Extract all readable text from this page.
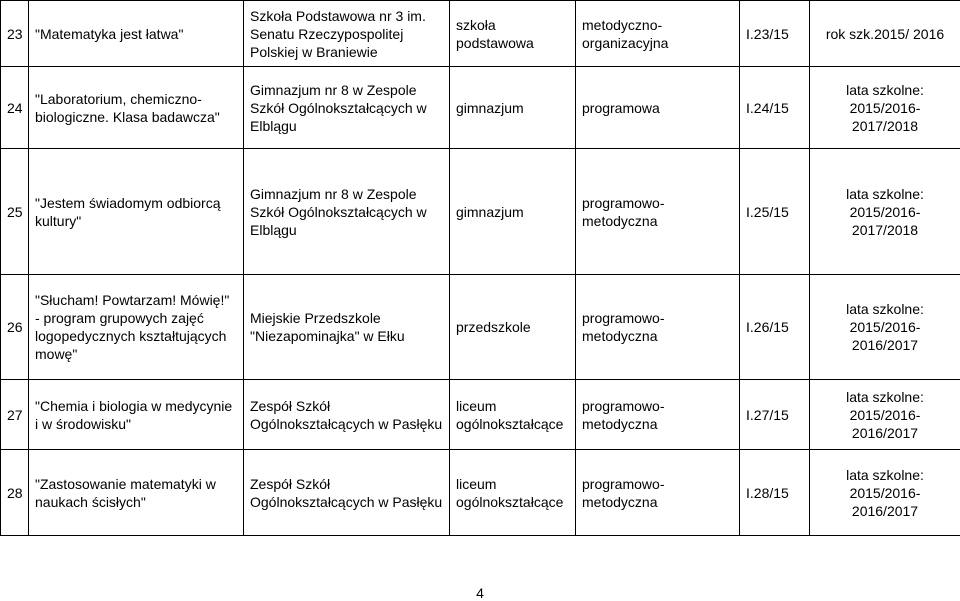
23	"Matematyka jest łatwa"	Szkoła Podstawowa nr 3 im. Senatu Rzeczypospolitej Polskiej w Braniewie	szkoła podstawowa	metodyczno-organizacyjna	I.23/15	rok szk.2015/ 2016
24	"Laboratorium, chemiczno- biologiczne. Klasa badawcza"	Gimnazjum nr 8 w Zespole Szkół Ogólnokształcących w Elblągu	gimnazjum	programowa	I.24/15	lata szkolne: 2015/2016- 2017/2018
25	"Jestem świadomym odbiorcą kultury"	Gimnazjum nr 8 w Zespole Szkół Ogólnokształcących w Elblągu	gimnazjum	programowo-metodyczna	I.25/15	lata szkolne: 2015/2016- 2017/2018
26	"Słucham! Powtarzam! Mówię!" - program grupowych zajęć logopedycznych kształtujących mowę"	Miejskie Przedszkole "Niezapominajka" w Ełku	przedszkole	programowo-metodyczna	I.26/15	lata szkolne: 2015/2016- 2016/2017
27	"Chemia i biologia w medycynie i w środowisku"	Zespół Szkół Ogólnokształcących w Pasłęku	liceum ogólnokształcące	programowo-metodyczna	I.27/15	lata szkolne: 2015/2016- 2016/2017
28	"Zastosowanie matematyki w naukach ścisłych"	Zespół Szkół Ogólnokształcących w Pasłęku	liceum ogólnokształcące	programowo-metodyczna	I.28/15	lata szkolne: 2015/2016- 2016/2017
4
